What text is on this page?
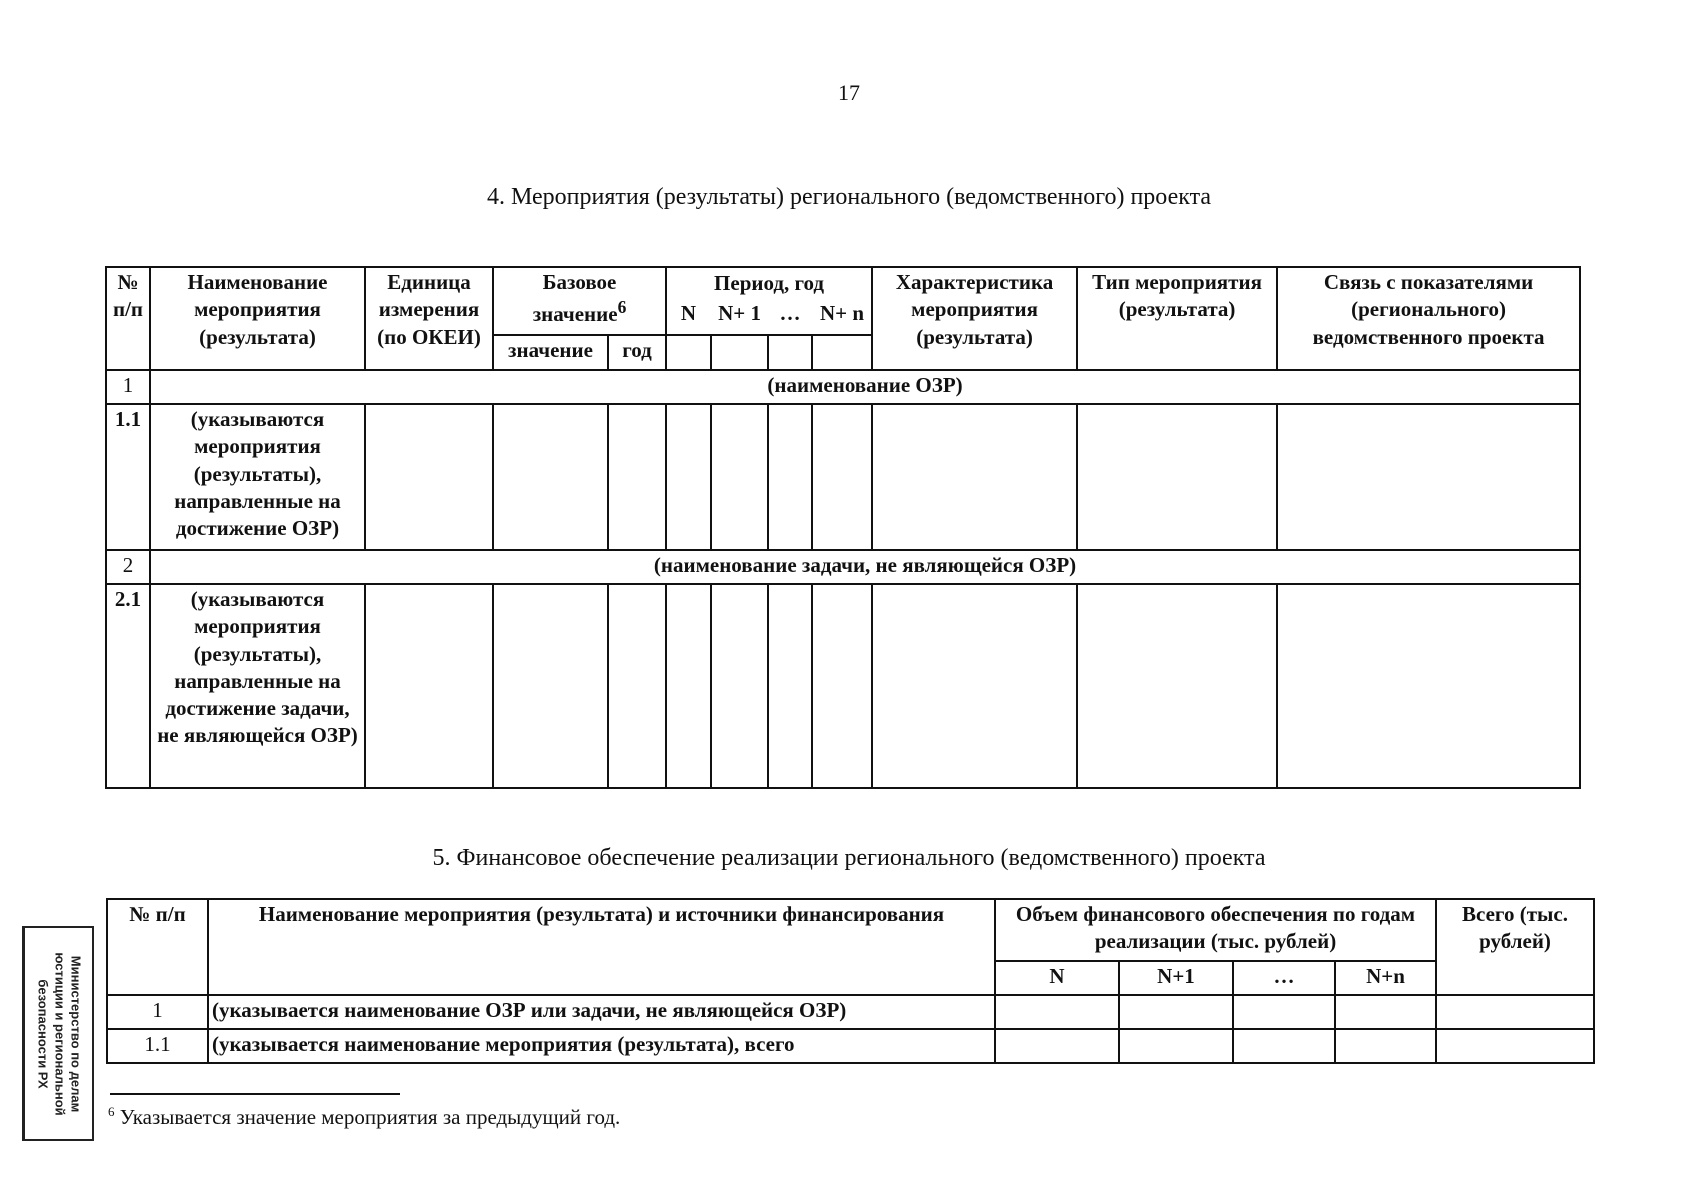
17
4. Мероприятия (результаты) регионального (ведомственного) проекта
№ п/п	Наименование мероприятия (результата)	Единица измерения (по ОКЕИ)	Базовое значение$^6$		Период, год				Характеристика мероприятия (результата)	Тип мероприятия (результата)	Связь с показателями (регионального) ведомственного проекта
			значение	год	N	N+ 1	…	N+ n			
1	(наименование ОЗР)										
1.1	(указываются мероприятия (результаты), направленные на достижение ОЗР)										
2	(наименование задачи, не являющейся ОЗР)										
2.1	(указываются мероприятия (результаты), направленные на достижение задачи, не являющейся ОЗР)										
5. Финансовое обеспечение реализации регионального (ведомственного) проекта
№ п/п	Наименование мероприятия (результата) и источники финансирования	Объем финансового обеспечения по годам реализации (тыс. рублей)				Всего (тыс. рублей)
		N	N+1	…	N+n	
1	(указывается наименование ОЗР или задачи, не являющейся ОЗР)					
1.1	(указывается наименование мероприятия (результата), всего					
$^6$ Указывается значение мероприятия за предыдущий год.
Министерство по делам
юстиции и региональной
безопасности РХ
